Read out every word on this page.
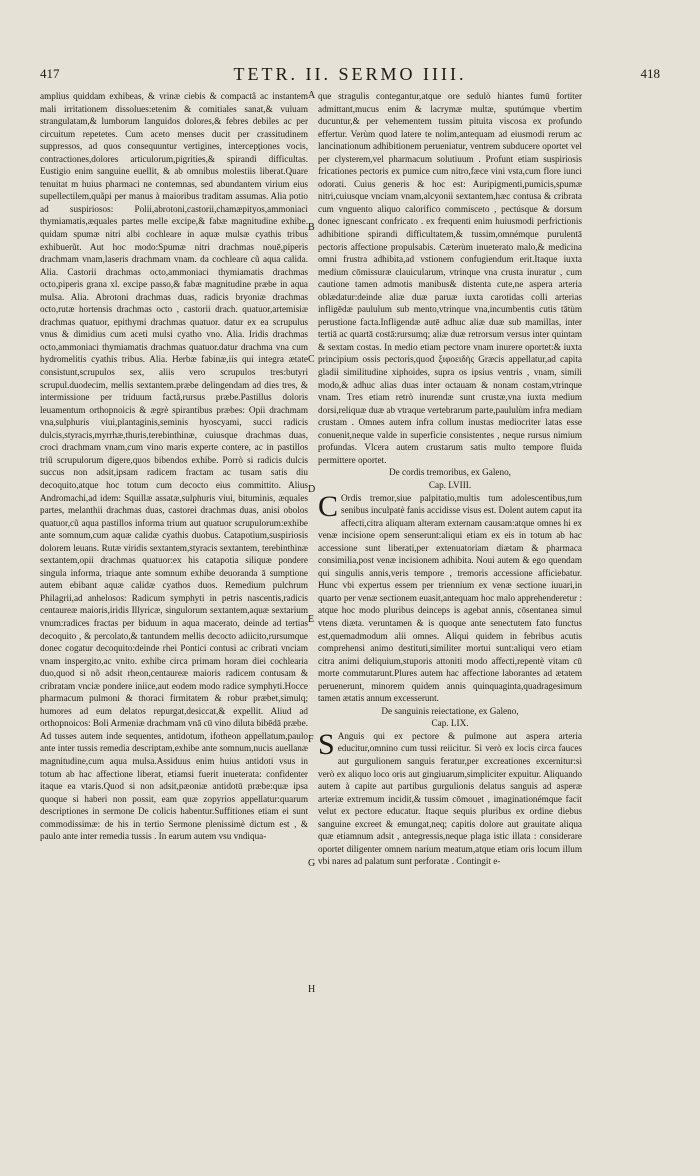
417	TETR. II. SERMO IIII.	418

amplius quiddam exhibeas, & vrinæ ciebis & compactâ ac instantem mali irritationem dissolues:etenim & comitiales sanat,& vuluam strangulatam,& lumborum languidos dolores,& febres debiles ac per circuitum repetetes. Cum aceto menses ducit per crassitudinem suppressos, ad quos consequuntur vertigines, intercepţiones vocis, contractiones,dolores articulorum,pigrities,& spirandi difficultas. Eustigio enim sanguine euellit, & ab omnibus molestiis liberat.Quare tenuitat m huius pharmaci ne contemnas, sed abundantem virium eius supellectilem,quãpi per manus à maioribus traditam assumas. Alia potio ad suspiriosos: Polii,abrotoni,castorii,chamæpityos,ammoniaci thymiamatis,æquales partes melle excipe,& fabæ magnitudine exhibe. quidam spumæ nitri albi cochleare in aquæ mulsæ cyathis tribus exhibuerũt. Aut hoc modo:Spumæ nitri drachmas nouē,piperis drachmam vnam,laseris drachmam vnam. da cochleare cũ aqua calida. Alia. Castorii drachmas octo,ammoniaci thymiamatis drachmas octo,piperis grana xl. excipe passo,& fabæ magnitudine præbe in aqua mulsa. Alia. Abrotoni drachmas duas, radicis bryoniæ drachmas octo,rutæ hortensis drachmas octo , castorii drach. quatuor,artemisiæ drachmas quatuor, epithymi drachmas quatuor. datur ex ea scrupulus vnus & dimidius cum aceti mulsi cyatho vno. Alia. Iridis drachmas octo,ammoniaci thymiamatis drachmas quatuor.datur drachma vna cum hydromelitis cyathis tribus. Alia. Herbæ fabinæ,iis qui integra ætate consistunt,scrupulos sex, aliis vero scrupulos tres:butyri scrupul.duodecim, mellis sextantem.præbe delingendam ad dies tres, & intermissione per triduum factã,rursus præbe.Pastillus doloris leuamentum orthopnoicis & ægrè spirantibus præbes: Opii drachmam vna,sulphuris viui,plantaginis,seminis hyoscyami, succi radicis dulcis,styracis,myrrhæ,thuris,terebinthinæ, cuiusque drachmas duas, croci drachmam vnam,cum vino maris experte contere, ac in pastillos triũ scrupulorum digere,quos bibendos exhibe. Porrò si radicis dulcis succus non adsit,ipsam radicem fractam ac tusam satis diu decoquito,atque hoc totum cum decocto eius committito. Alius Andromachi,ad idem: Squillæ assatæ,sulphuris viui, bituminis, æquales partes, melanthii drachmas duas, castorei drachmas duas, anisi obolos quatuor,cũ aqua pastillos informa trium aut quatuor scrupulorum:exhibe ante somnum,cum aquæ calidæ cyathis duobus. Catapotium,suspiriosis dolorem leuans. Rutæ viridis sextantem,styracis sextantem, terebinthinæ sextantem,opii drachmas quatuor:ex his catapotia siliquæ pondere singula informa, triaque ante somnum exhibe deuoranda ā sumptione autem ebibant aquæ calidæ cyathos duos. Remedium pulchrum Philagrii,ad anhelosos: Radicum symphyti in petris nascentis,radicis centaureæ maioris,iridis Illyricæ, singulorum sextantem,aquæ sextarium vnum:radices fractas per biduum in aqua macerato, deinde ad tertias decoquito , & percolato,& tantundem mellis decocto adiicito,rursumque donec cogatur decoquito:deinde rhei Pontici contusi ac cribrati vnciam vnam inspergito,ac vnito. exhibe circa primam horam diei cochlearia duo,quod si nõ adsit rheon,centaureæ maioris radicem contusam & cribratam vnciæ pondere iniice,aut eodem modo radice symphyti.Hocce pharmacum pulmoni & thoraci firmitatem & robur præbet,simulq; humores ad eum delatos repurgat,desiccat,& expellit. Aliud ad orthopnoicos: Boli Armeniæ drachmam vnā cū vino diluta bibēdā præbe. Ad tusses autem inde sequentes, antidotum, ifotheon appellatum,paulo ante inter tussis remedia descriptam,exhibe ante somnum,nucis auellanæ magnitudine,cum aqua mulsa.Assiduus enim huius antidoti vsus in totum ab hac affectione liberat, etiamsi fuerit inueterata: confidenter itaque ea vtaris.Quod si non adsit,pæoniæ antidotū præbe:quæ ipsa quoque si haberi non possit, eam quæ zopyrios appellatur:quarum descriptiones in sermone De colicis habentur.Suffitiones etiam ei sunt commodissimæ: de his in tertio Sermone plenissimè dictum est , & paulo ante inter remedia tussis . In earum autem vsu vndiqua-

A
B
C
D
E
F
G
H

que stragulis contegantur,atque ore sedulò hiantes fumū fortiter admittant,mucus enim & lacrymæ multæ, sputúmque vbertim ducuntur,& per vehementem tussim pituita viscosa ex profundo effertur. Verùm quod latere te nolim,antequam ad eiusmodi rerum ac lancinationum adhibitionem perueniatur, ventrem subducere oportet vel per clysterem,vel pharmacum solutiuum . Profunt etiam suspiriosis fricationes pectoris ex pumice cum nitro,fæce vini vsta,cum flore iunci odorati. Cuius generis & hoc est: Auripigmenti,pumicis,spumæ nitri,cuiusque vnciam vnam,alcyonii sextantem,hæc contusa & cribrata cum vnguento aliquo calorifico commisceto , pectúsque & dorsum donec ignescant confricato . ex frequenti enim huiusmodi perfrictionis adhibitione spirandi difficultatem,& tussim,omnémque purulentā pectoris affectione propulsabis. Cæterùm inueterato malo,& medicina omni frustra adhibita,ad vstionem confugiendum erit.Itaque iuxta medium cōmissuræ clauicularum, vtrinque vna crusta inuratur , cum cautione tamen admotis manibus& distenta cute,ne aspera arteria oblædatur:deinde aliæ duæ paruæ iuxta carotidas colli arterias infligēdæ paululum sub mento,vtrinque vna,incumbentis cutis tātùm perustione facta.Infligendæ autē adhuc aliæ duæ sub mamillas, inter tertiā ac quartā costā:rursumq; aliæ duæ retrorsum versus inter quintam & sextam costas. In medio etiam pectore vnam inurere oportet:& iuxta principium ossis pectoris,quod ξιφοειδὴς Græcis appellatur,ad capita gladii similitudine xiphoides, supra os ipsius ventris , vnam, simili modo,& adhuc alias duas inter octauam & nonam costam,vtrinque vnam. Tres etiam retrò inurendæ sunt crustæ,vna iuxta medium dorsi,reliquæ duæ ab vtraque vertebrarum parte,paululùm infra mediam crustam . Omnes autem infra collum inustas mediocriter latas esse conuenit,neque valde in superficie consistentes , neque rursus nimium profundas. Vlcera autem crustarum satis multo tempore fluida permittere oportet.

De cordis tremoribus, ex Galeno,

Cap. LVIII.

C Ordis tremor,siue palpitatio,multis tum adolescentibus,tum senibus inculpatè fanis accidisse visus est. Dolent autem caput ita affecti,citra aliquam alteram externam causam:atque omnes hi ex venæ incisione opem senserunt:aliqui etiam ex eis in totum ab hac accessione sunt liberati,per extenuatoriam diætam & pharmaca consimilia,post venæ incisionem adhibita. Noui autem & ego quendam qui singulis annis,veris tempore , tremoris accessione afficiebatur. Hunc vbi expertus essem per triennium ex venæ sectione iuuari,in quarto per venæ sectionem euasit,antequam hoc malo apprehenderetur : atque hoc modo pluribus deinceps is agebat annis, cōsentanea simul vtens diæta. veruntamen & is quoque ante senectutem fato functus est,quemadmodum alii omnes. Aliqui quidem in febribus acutis comprehensi animo destituti,similiter mortui sunt:aliqui vero etiam citra animi deliquium,stuporis attoniti modo affecti,repentè vitam cū morte commutarunt.Plures autem hac affectione laborantes ad ætatem peruenerunt, minorem quidem annis quinquaginta,quadragesimum tamen ætatis annum excesserunt.

De sanguinis reiectatione, ex Galeno,

Cap. LIX.

S Anguis qui ex pectore & pulmone aut aspera arteria educitur,omnino cum tussi reiicitur. Si verò ex locis circa fauces aut gurgulionem sanguis feratur,per excreationes excernitur:si verò ex aliquo loco oris aut gingiuarum,simpliciter expuitur. Aliquando autem à capite aut partibus gurgulionis delatus sanguis ad asperæ arteriæ extremum incidit,& tussim cōmouet , imaginationémque facit velut ex pectore educatur. Itaque sequis pluribus ex ordine diebus sanguine excreet & emungat,neq; capitis dolore aut grauitate aliqua quæ etiamnum adsit , antegressis,neque plaga istic illata : considerare oportet diligenter omnem narium meatum,atque etiam oris locum illum vbi nares ad palatum sunt perforatæ . Contingit e-
